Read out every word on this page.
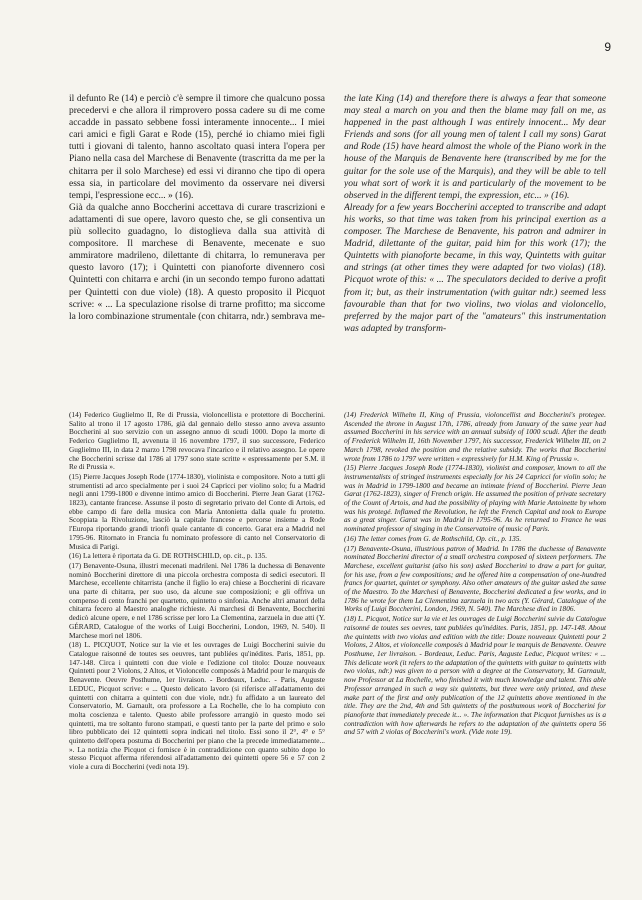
9

il defunto Re (14) e perciò c'è sempre il timore che qualcuno possa precedervi e che allora il rimprovero possa cadere su di me come accadde in passato sebbene fossi interamente innocente... I miei cari amici e figli Garat e Rode (15), perché io chiamo miei figli tutti i giovani di talento, hanno ascoltato quasi intera l'opera per Piano nella casa del Marchese di Benavente (trascritta da me per la chitarra per il solo Marchese) ed essi vi diranno che tipo di opera essa sia, in particolare del movimento da osservare nei diversi tempi, l'espressione ecc... » (16).

Già da qualche anno Boccherini accettava di curare trascrizioni e adattamenti di sue opere, lavoro questo che, se gli consentiva un più sollecito guadagno, lo distoglieva dalla sua attività di compositore. Il marchese di Benavente, mecenate e suo ammiratore madrileno, dilettante di chitarra, lo remunerava per questo lavoro (17); i Quintetti con pianoforte divennero così Quintetti con chitarra e archi (in un secondo tempo furono adattati per Quintetti con due viole) (18). A questo proposito il Picquot scrive: « ... La speculazione risolse di trarne profitto; ma siccome la loro combinazione strumentale (con chitarra, ndr.) sembrava me-

the late King (14) and therefore there is always a fear that someone may steal a march on you and then the blame may fall on me, as happened in the past although I was entirely innocent... My dear Friends and sons (for all young men of talent I call my sons) Garat and Rode (15) have heard almost the whole of the Piano work in the house of the Marquis de Benavente here (transcribed by me for the guitar for the sole use of the Marquis), and they will be able to tell you what sort of work it is and particularly of the movement to be observed in the different tempi, the expression, etc... » (16).

Already for a few years Boccherini accepted to transcribe and adapt his works, so that time was taken from his principal exertion as a composer. The Marchese de Benavente, his patron and admirer in Madrid, dilettante of the guitar, paid him for this work (17); the Quintetts with pianoforte became, in this way, Quintetts with guitar and strings (at other times they were adapted for two violas) (18). Picquot wrote of this: « ... The speculators decided to derive a profit from it; but, as their instrumentation (with guitar ndr.) seemed less favourable than that for two violins, two violas and violoncello, preferred by the major part of the "amateurs" this instrumentation was adapted by transform-

(14) Federico Guglielmo II, Re di Prussia, violoncellista e protettore di Boccherini. Salito al trono il 17 agosto 1786, già dal gennaio dello stesso anno aveva assunto Boccherini al suo servizio con un assegno annuo di scudi 1000. Dopo la morte di Federico Guglielmo II, avvenuta il 16 novembre 1797, il suo successore, Federico Guglielmo III, in data 2 marzo 1798 revocava l'incarico e il relativo assegno. Le opere che Boccherini scrisse dal 1786 al 1797 sono state scritte « espressamente per S.M. il Re di Prussia ».

(15) Pierre Jacques Joseph Rode (1774-1830), violinista e compositore. Noto a tutti gli strumentisti ad arco specialmente per i suoi 24 Capricci per violino solo; fu a Madrid negli anni 1799-1800 e divenne intimo amico di Boccherini. Pierre Jean Garat (1762-1823), cantante francese. Assunse il posto di segretario privato del Conte di Artois, ed ebbe campo di fare della musica con Maria Antonietta dalla quale fu protetto. Scoppiata la Rivoluzione, lasciò la capitale francese e percorse insieme a Rode l'Europa riportando grandi trionfi quale cantante di concerto. Garat era a Madrid nel 1795-96. Ritornato in Francia fu nominato professore di canto nel Conservatorio di Musica di Parigi.

(16) La lettera è riportata da G. DE ROTHSCHILD, op. cit., p. 135.

(17) Benavente-Osuna, illustri mecenati madrileni. Nel 1786 la duchessa di Benavente nominò Boccherini direttore di una piccola orchestra composta di sedici esecutori. Il Marchese, eccellente chitarrista (anche il figlio lo era) chiese a Boccherini di ricavare una parte di chitarra, per suo uso, da alcune sue composizioni; e gli offriva un compenso di cento franchi per quartetto, quintetto o sinfonia. Anche altri amatori della chitarra fecero al Maestro analoghe richieste. Ai marchesi di Benavente, Boccherini dedicò alcune opere, e nel 1786 scrisse per loro La Clementina, zarzuela in due atti (Y. GÉRARD, Catalogue of the works of Luigi Boccherini, London, 1969, N. 540). Il Marchese morì nel 1806.

(18) L. PICQUOT, Notice sur la vie et les ouvrages de Luigi Boccherini suivie du Catalogue raisonné de toutes ses oeuvres, tant publiées qu'inédites. Paris, 1851, pp. 147-148. Circa i quintetti con due viole e l'edizione col titolo: Douze nouveaux Quintetti pour 2 Violons, 2 Altos, et Violoncelle composés à Madrid pour le marquis de Benavente. Oeuvre Posthume, 1er livraison. - Bordeaux, Leduc. - Paris, Auguste LEDUC, Picquot scrive: « ... Questo delicato lavoro (si riferisce all'adattamento dei quintetti con chitarra a quintetti con due viole, ndr.) fu affidato a un laureato del Conservatorio, M. Garnault, ora professore a La Rochelle, che lo ha compiuto con molta coscienza e talento. Questo abile professore arrangiò in questo modo sei quintetti, ma tre soltanto furono stampati, e questi tanto per la parte del primo e solo libro pubblicato dei 12 quintetti sopra indicati nel titolo. Essi sono il 2°, 4° e 5° quintetto dell'opera postuma di Boccherini per piano che la precede immediatamente... ». La notizia che Picquot ci fornisce è in contraddizione con quanto subito dopo lo stesso Picquot afferma riferendosi all'adattamento dei quintetti opere 56 e 57 con 2 viole a cura di Boccherini (vedi nota 19).

(14) Frederick Wilhelm II, King of Prussia, violoncellist and Boccherini's protegee. Ascended the throne in August 17th, 1786, already from January of the same year had assumed Boccherini in his service with an annual subsidy of 1000 scudi. After the death of Frederick Wilhelm II, 16th November 1797, his successor, Frederick Wilhelm III, on 2 March 1798, revoked the position and the relative subsidy. The works that Boccherini wrote from 1786 to 1797 were written « expressively for H.M. King of Prussia ».

(15) Pierre Jacques Joseph Rode (1774-1830), violinist and composer, known to all the instrumentalists of stringed instruments especially for his 24 Capricci for violin solo; he was in Madrid in 1799-1800 and became an intimate friend of Boccherini. Pierre Jean Garat (1762-1823), singer of French origin. He assumed the position of private secretary of the Count of Artois, and had the possibility of playing with Marie Antoinette by whom was his protegé. Inflamed the Revolution, he left the French Capital and took to Europe as a great singer. Garat was in Madrid in 1795-96. As he returned to France he was nominated professor of singing in the Conservatoire of music of Paris.

(16) The letter comes from G. de Rothschild, Op. cit., p. 135.

(17) Benavente-Osuna, illustrious patron of Madrid. In 1786 the duchesse of Benavente nominated Boccherini director of a small orchestra composed of sixteen performers. The Marchese, excellent guitarist (also his son) asked Boccherini to draw a part for guitar, for his use, from a few compositions; and he offered him a compensation of one-hundred francs for quartet, quintet or symphony. Also other amateurs of the guitar asked the same of the Maestro. To the Marchesi of Benavente, Boccherini dedicated a few works, and in 1786 he wrote for them La Clementina zarzuela in two acts (Y. Gérard, Catalogue of the Works of Luigi Boccherini, London, 1969, N. 540). The Marchese died in 1806.

(18) L. Picquot, Notice sur la vie et les ouvrages de Luigi Boccherini suivie du Catalogue raisonné de toutes ses oevres, tant publiées qu'inédites. Paris, 1851, pp. 147-148. About the quintetts with two violas and edition with the title: Douze nouveaux Quintetti pour 2 Violons, 2 Altos, et violoncelle composés à Madrid pour le marquis de Benavente. Oeuvre Posthume, 1er livraison. - Bordeaux, Leduc. Paris, Auguste Leduc, Picquot writes: « ... This delicate work (it refers to the adaptation of the quintetts with guitar to quintetts with two violas, ndr.) was given to a person with a degree at the Conservatory, M. Garnault, now Professor at La Rochelle, who finished it with much knowledge and talent. This able Professor arranged in such a way six quintetts, but three were only printed, and these make part of the first and only publication of the 12 quintetts above mentioned in the title. They are the 2nd, 4th and 5th quintetts of the posthumous work of Boccherini for pianoforte that immediately precede it... ». The information that Picquot furnishes us is a contradiction with how afterwards he refers to the adaptation of the quintetts opera 56 and 57 with 2 violas of Boccherini's work. (Vide note 19).
